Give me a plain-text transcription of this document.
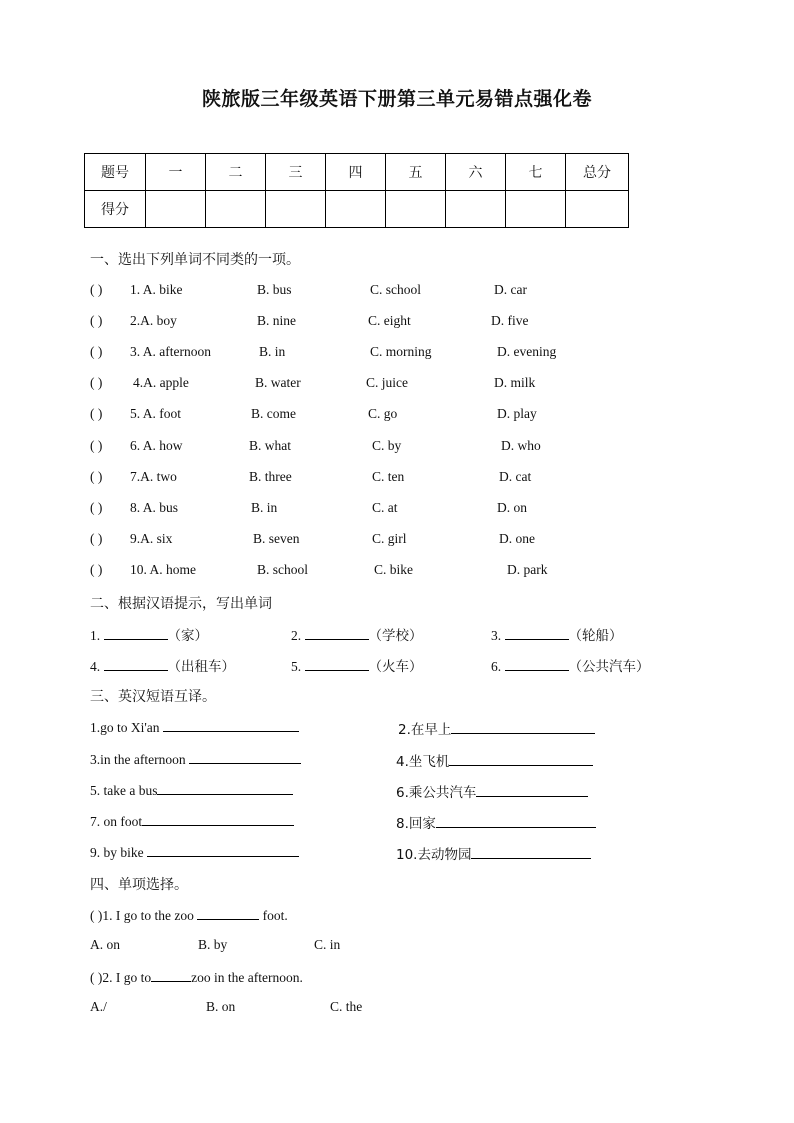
陕旅版三年级英语下册第三单元易错点强化卷
题号	一	二	三	四	五	六	七	总分
得分								
一、选出下列单词不同类的一项。
( ) 1. A. bike	B. bus	C. school	D. car
( ) 2.A. boy	B. nine	C. eight	D. five
( ) 3. A. afternoon	B. in	C. morning	D. evening
( ) 4.A. apple	B. water	C. juice	D. milk
( ) 5. A. foot	B. come	C. go	D. play
( ) 6. A. how	B. what	C. by	D. who
( ) 7.A. two	B. three	C. ten	D. cat
( ) 8. A. bus	B. in	C. at	D. on
( ) 9.A. six	B. seven	C. girl	D. one
( ) 10. A. home	B. school	C. bike	D. park
二、根据汉语提示，写出单词
1.	（家）	2.	（学校）	3.	（轮船）
4.	（出租车）	5.	（火车）	6.	（公共汽车）
三、英汉短语互译。
1.go to Xi'an	2.在早上
3.in the afternoon	4.坐飞机
5. take a bus	6.乘公共汽车
7. on foot	8.回家
9. by bike	10.去动物园
四、单项选择。
( )1. I go to the zoo	foot.
A. on	B. by	C. in
( )2. I go to	zoo in the afternoon.
A./	B. on	C. the
